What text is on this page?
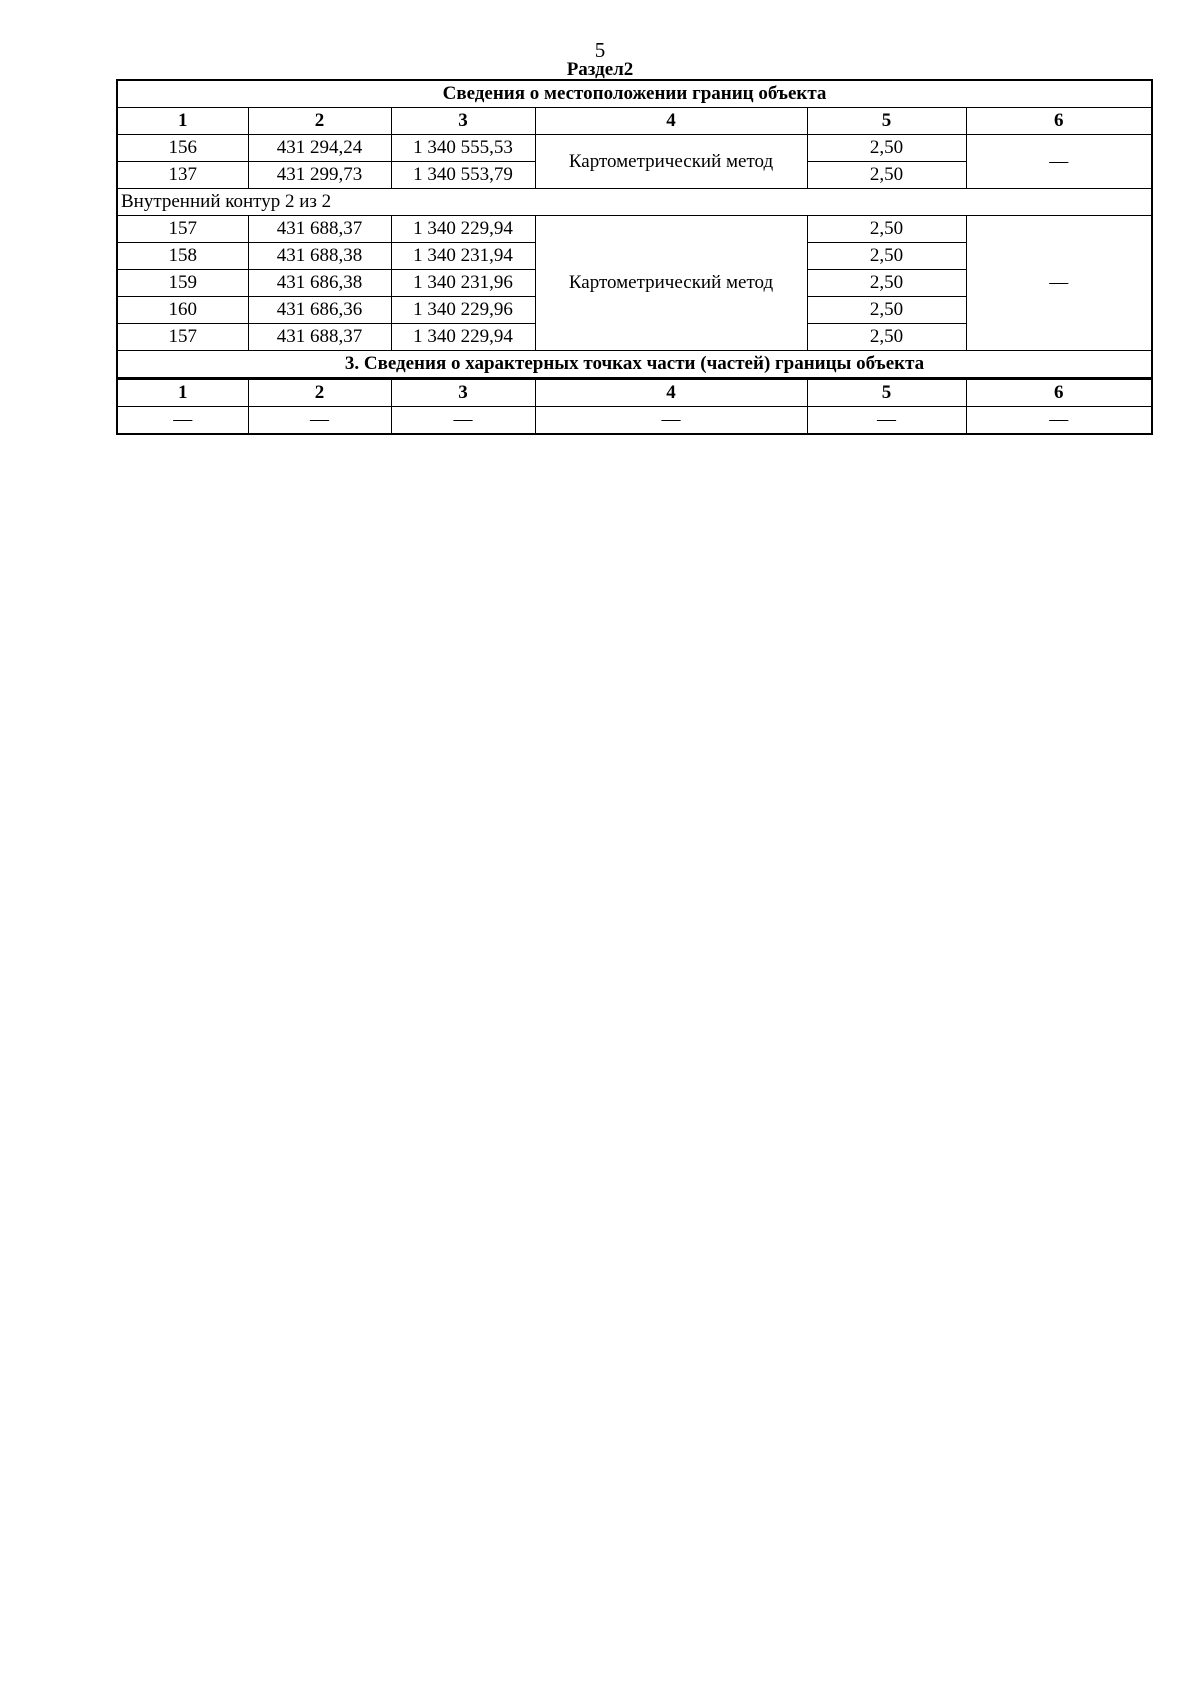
5
Раздел2
Сведения о местоположении границ объекта					
1	2	3	4	5	6
156	431 294,24	1 340 555,53	Картометрический метод	2,50	—
137	431 299,73	1 340 553,79		2,50	
Внутренний контур 2 из 2					
157	431 688,37	1 340 229,94	Картометрический метод	2,50	—
158	431 688,38	1 340 231,94		2,50	
159	431 686,38	1 340 231,96		2,50	
160	431 686,36	1 340 229,96		2,50	
157	431 688,37	1 340 229,94		2,50	
3. Сведения о характерных точках части (частей) границы объекта					
1	2	3	4	5	6
—	—	—	—	—	—
